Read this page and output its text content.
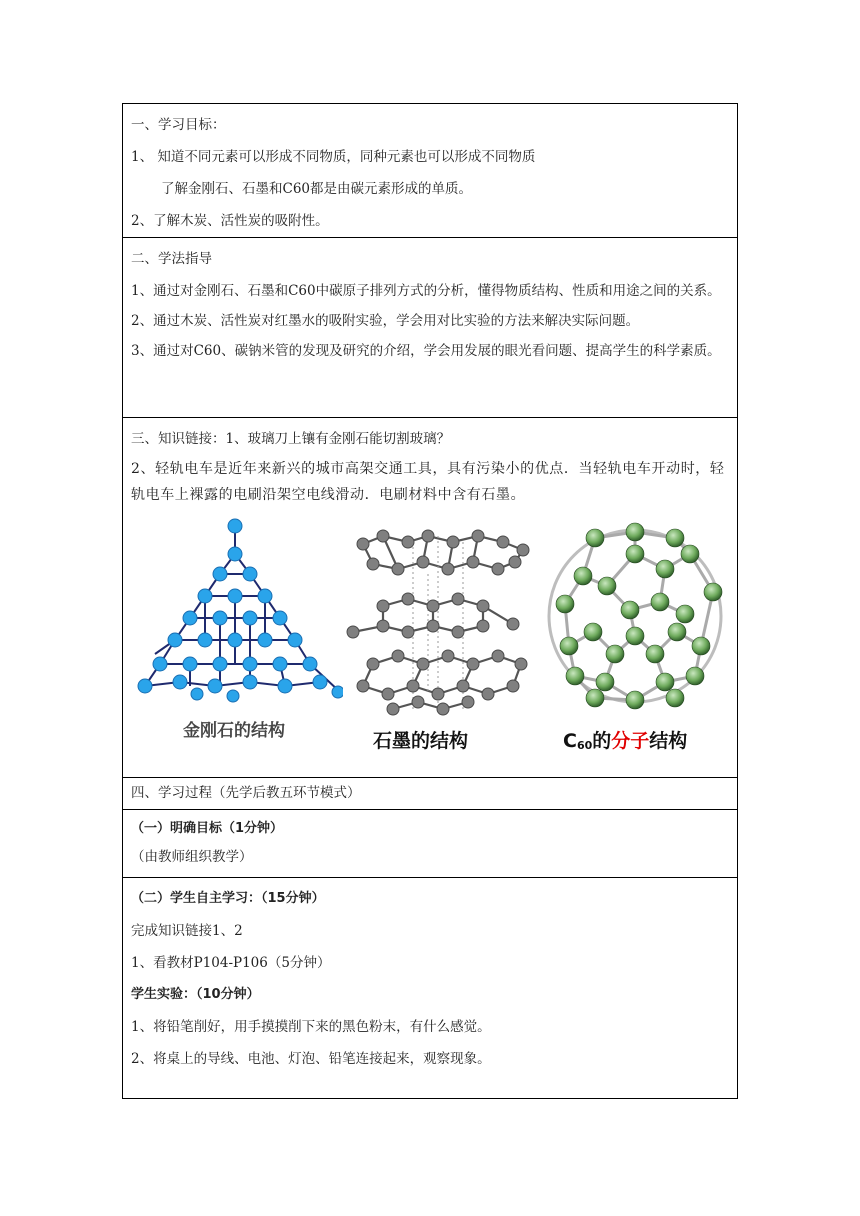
一、学习目标：
1、 知道不同元素可以形成不同物质，同种元素也可以形成不同物质
了解金刚石、石墨和C60都是由碳元素形成的单质。
2、了解木炭、活性炭的吸附性。
二、学法指导
1、通过对金刚石、石墨和C60中碳原子排列方式的分析，懂得物质结构、性质和用途之间的关系。
2、通过木炭、活性炭对红墨水的吸附实验，学会用对比实验的方法来解决实际问题。
3、通过对C60、碳钠米管的发现及研究的介绍，学会用发展的眼光看问题、提高学生的科学素质。
三、知识链接：1、玻璃刀上镶有金刚石能切割玻璃？
2、轻轨电车是近年来新兴的城市高架交通工具，具有污染小的优点．当轻轨电车开动时，轻轨电车上裸露的电刷沿架空电线滑动．电刷材料中含有石墨。
金刚石的结构	石墨的结构	$C_{60}$的分子结构
四、学习过程（先学后教五环节模式）
（一）明确目标（1分钟）
（由教师组织教学）
（二）学生自主学习：（15分钟）
完成知识链接1、2
1、看教材P104-P106（5分钟）
学生实验：（10分钟）
1、将铅笔削好，用手摸摸削下来的黑色粉末，有什么感觉。
2、将桌上的导线、电池、灯泡、铅笔连接起来，观察现象。
